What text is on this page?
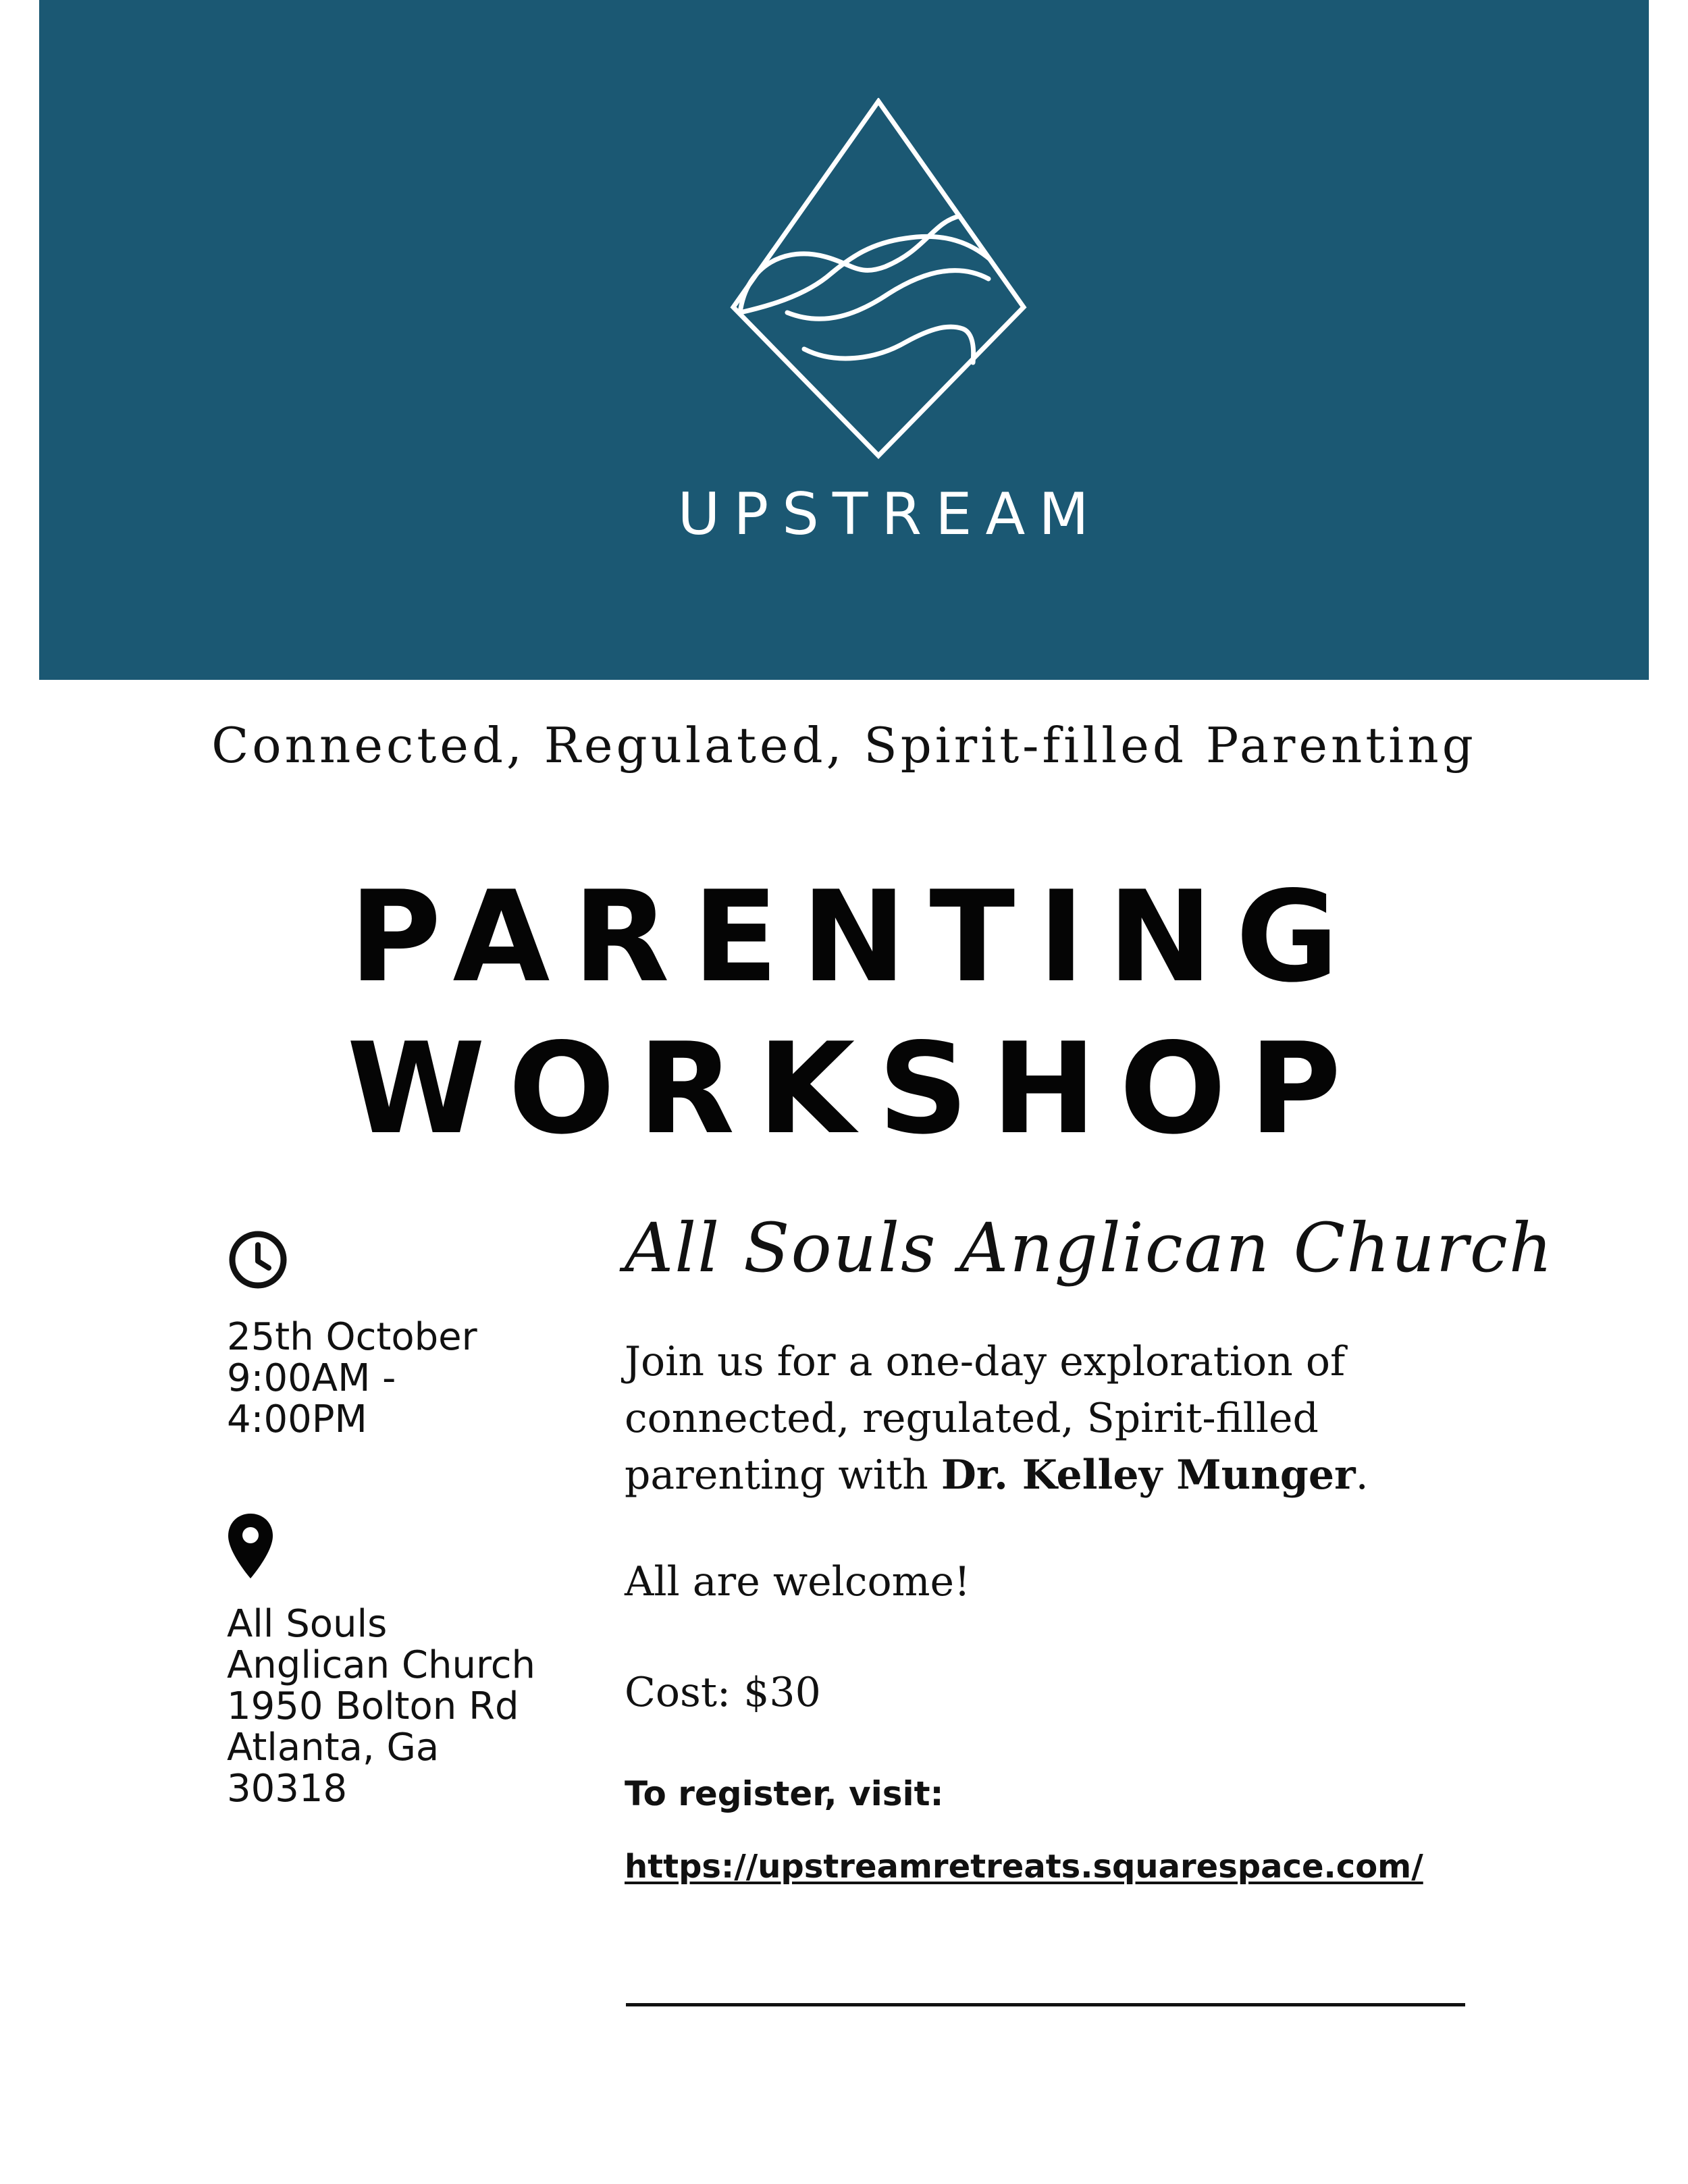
UPSTREAM
Connected, Regulated, Spirit-filled Parenting
PARENTING
WORKSHOP
25th October
9:00AM -
4:00PM
All Souls
Anglican Church
1950 Bolton Rd
Atlanta, Ga
30318
All Souls Anglican Church
Join us for a one-day exploration of
connected, regulated, Spirit-filled
parenting with Dr. Kelley Munger.
All are welcome!
Cost: $30
To register, visit:
https://upstreamretreats.squarespace.com/
